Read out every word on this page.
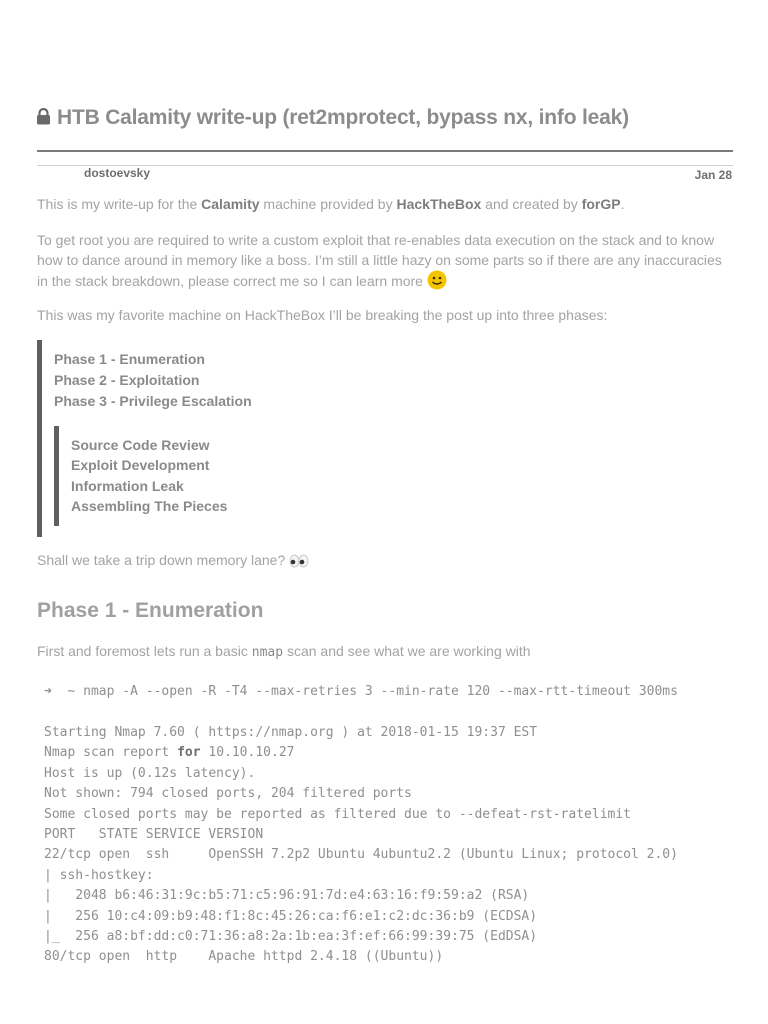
HTB Calamity write-up (ret2mprotect, bypass nx, info leak)
dostoevsky	Jan 28

This is my write-up for the Calamity machine provided by HackTheBox and created by forGP.

To get root you are required to write a custom exploit that re-enables data execution on the stack and to know
how to dance around in memory like a boss. I’m still a little hazy on some parts so if there are any inaccuracies
in the stack breakdown, please correct me so I can learn more

This was my favorite machine on HackTheBox I’ll be breaking the post up into three phases:

Phase 1 - Enumeration
Phase 2 - Exploitation
Phase 3 - Privilege Escalation
Source Code Review
Exploit Development
Information Leak
Assembling The Pieces

Shall we take a trip down memory lane?

Phase 1 - Enumeration

First and foremost lets run a basic nmap scan and see what we are working with

➜  ~ nmap -A --open -R -T4 --max-retries 3 --min-rate 120 --max-rtt-timeout 300ms
Starting Nmap 7.60 ( https://nmap.org ) at 2018-01-15 19:37 EST
Nmap scan report for 10.10.10.27
Host is up (0.12s latency).
Not shown: 794 closed ports, 204 filtered ports
Some closed ports may be reported as filtered due to --defeat-rst-ratelimit
PORT   STATE SERVICE VERSION
22/tcp open  ssh     OpenSSH 7.2p2 Ubuntu 4ubuntu2.2 (Ubuntu Linux; protocol 2.0)
| ssh-hostkey:
|   2048 b6:46:31:9c:b5:71:c5:96:91:7d:e4:63:16:f9:59:a2 (RSA)
|   256 10:c4:09:b9:48:f1:8c:45:26:ca:f6:e1:c2:dc:36:b9 (ECDSA)
|_  256 a8:bf:dd:c0:71:36:a8:2a:1b:ea:3f:ef:66:99:39:75 (EdDSA)
80/tcp open  http    Apache httpd 2.4.18 ((Ubuntu))
